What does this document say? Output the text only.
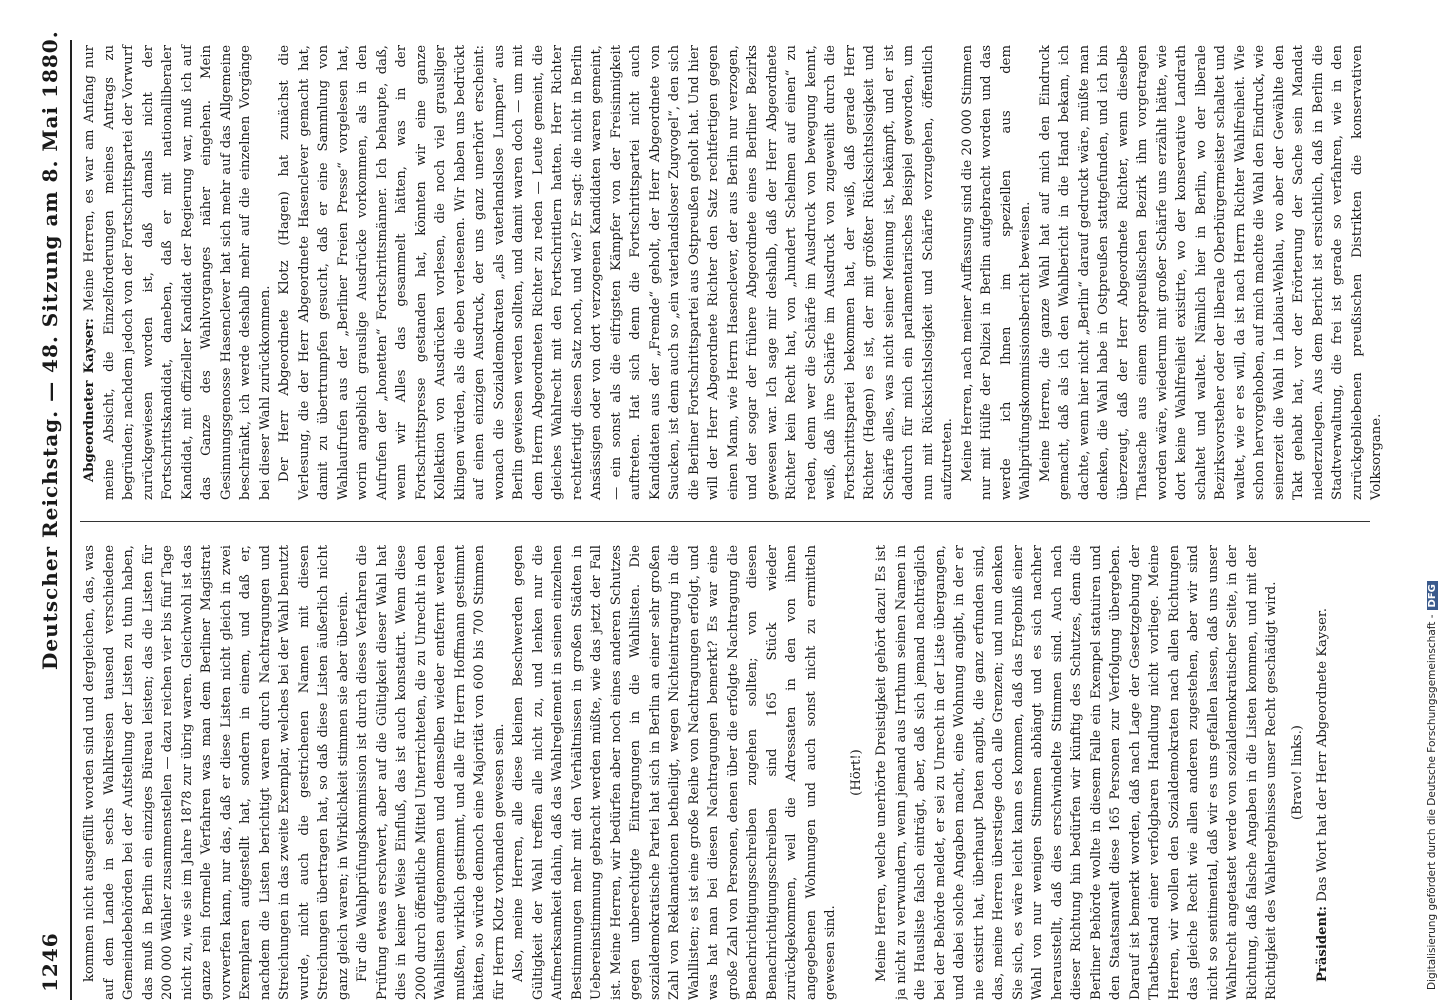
1246
Deutscher Reichstag. — 48. Sitzung am 8. Mai 1880.

kommen nicht ausgefüllt worden sind und dergleichen, das, was auf dem Lande in sechs Wahlkreisen tausend verschiedene Gemeindebehörden bei der Aufstellung der Listen zu thun haben, das muß in Berlin ein einziges Büreau leisten; das die Listen für 200 000 Wähler zusammenstellen — dazu reichen vier bis fünf Tage nicht zu, wie sie im Jahre 1878 zur übrig waren. Gleichwohl ist das ganze rein formelle Verfahren was man dem Berliner Magistrat vorwerfen kann, nur das, daß er diese Listen nicht gleich in zwei Exemplaren aufgestellt hat, sondern in einem, und daß er, nachdem die Listen berichtigt waren durch Nachtragungen und Streichungen in das zweite Exemplar, welches bei der Wahl benutzt wurde, nicht auch die gestrichenen Namen mit diesen Streichungen übertragen hat, so daß diese Listen äußerlich nicht ganz gleich waren; in Wirklichkeit stimmen sie aber überein. Für die Wahlprüfungskommission ist durch dieses Verfahren die Prüfung etwas erschwert, aber auf die Gültigkeit dieser Wahl hat dies in keiner Weise Einfluß, das ist auch konstatirt. Wenn diese 2000 durch öffentliche Mittel Unterrichteten, die zu Unrecht in den Wahllisten aufgenommen und demselben wieder entfernt werden mußten, wirklich gestimmt, und alle für Herrn Hoffmann gestimmt hätten, so würde dennoch eine Majorität von 600 bis 700 Stimmen für Herrn Klotz vorhanden gewesen sein. Also, meine Herren, alle diese kleinen Beschwerden gegen Gültigkeit der Wahl treffen alle nicht zu, und lenken nur die Aufmerksamkeit dahin, daß das Wahlreglement in seinen einzelnen Bestimmungen mehr mit den Verhältnissen in großen Städten in Uebereinstimmung gebracht werden müßte, wie das jetzt der Fall ist. Meine Herren, wir bedürfen aber noch eines anderen Schutzes gegen unberechtigte Eintragungen in die Wahllisten. Die sozialdemokratische Partei hat sich in Berlin an einer sehr großen Zahl von Reklamationen betheiligt, wegen Nichteintragung in die Wahllisten; es ist eine große Reihe von Nachtragungen erfolgt, und was hat man bei diesen Nachtragungen bemerkt? Es war eine große Zahl von Personen, denen über die erfolgte Nachtragung die Benachrichtigungsschreiben zugehen sollten; von diesen Benachrichtigungsschreiben sind 165 Stück wieder zurückgekommen, weil die Adressaten in den von ihnen angegebenen Wohnungen und auch sonst nicht zu ermitteln gewesen sind.

(Hört!) Meine Herren, welche unerhörte Dreistigkeit gehört dazu! Es ist ja nicht zu verwundern, wenn jemand aus Irrthum seinen Namen in die Hausliste falsch einträgt, aber, daß sich jemand nachträglich bei der Behörde meldet, er sei zu Unrecht in der Liste übergangen, und dabei solche Angaben macht, eine Wohnung angibt, in der er nie existirt hat, überhaupt Daten angibt, die ganz erfunden sind, das, meine Herren überstiege doch alle Grenzen; und nun denken Sie sich, es wäre leicht kann es kommen, daß das Ergebniß einer Wahl von nur wenigen Stimmen abhängt und es sich nachher herausstellt, daß dies erschwindelte Stimmen sind. Auch nach dieser Richtung hin bedürfen wir künftig des Schutzes, denn die Berliner Behörde wollte in diesem Falle ein Exempel statuiren und den Staatsanwalt diese 165 Personen zur Verfolgung übergeben. Darauf ist bemerkt worden, daß nach Lage der Gesetzgebung der Thatbestand einer verfolgbaren Handlung nicht vorliege. Meine Herren, wir wollen den Sozialdemokraten nach allen Richtungen das gleiche Recht wie allen anderen zugestehen, aber wir sind nicht so sentimental, daß wir es uns gefallen lassen, daß uns unser Wahlrecht angetastet werde von sozialdemokratischer Seite, in der Richtung, daß falsche Angaben in die Listen kommen, und mit der Richtigkeit des Wahlergebnisses unser Recht geschädigt wird. (Bravo! links.)

Präsident: Das Wort hat der Herr Abgeordnete Kayser.

Abgeordneter Kayser: Meine Herren, es war am Anfang nur meine Absicht, die Einzelforderungen meines Antrags zu begründen; nachdem jedoch von der Fortschrittspartei der Vorwurf zurückgewiesen worden ist, daß damals nicht der Fortschrittskandidat, daneben, daß er mit nationalliberaler Kandidat, mit offizieller Kandidat der Regierung war, muß ich auf das Ganze des Wahlvorganges näher eingehen. Mein Gesinnungsgenosse Hasenclever hat sich mehr auf das Allgemeine beschränkt, ich werde deshalb mehr auf die einzelnen Vorgänge bei dieser Wahl zurückkommen. Der Herr Abgeordnete Klotz (Hagen) hat zunächst die Verlesung, die der Herr Abgeordnete Hasenclever gemacht hat, damit zu übertrumpfen gesucht, daß er eine Sammlung von Wahlaufrufen aus der „Berliner Freien Presse“ vorgelesen hat, worin angeblich grauslige Ausdrücke vorkommen, als in den Aufrufen der „honetten“ Fortschrittsmänner. Ich behaupte, daß, wenn wir Alles das gesammelt hätten, was in der Fortschrittspresse gestanden hat, könnten wir eine ganze Kollektion von Ausdrücken vorlesen, die noch viel grausliger klingen würden, als die eben verlesenen. Wir haben uns bedrückt auf einen einzigen Ausdruck, der uns ganz unerhört erscheint: wonach die Sozialdemokraten „als vaterlandslose Lumpen“ aus Berlin gewiesen werden sollten, und damit waren doch — um mit dem Herrn Abgeordneten Richter zu reden — Leute gemeint, die gleiches Wahlrecht mit den Fortschrittlern hatten. Herr Richter rechtfertigt diesen Satz noch, und wie? Er sagt: die nicht in Berlin Ansässigen oder von dort verzogenen Kandidaten waren gemeint, — ein sonst als die eifrigsten Kämpfer von der Freisinnigkeit auftreten. Hat sich denn die Fortschrittspartei nicht auch Kandidaten aus der „Fremde“ geholt, der Herr Abgeordnete von Saucken, ist denn auch so „ein vaterlandsloser Zugvogel“, den sich die Berliner Fortschrittspartei aus Ostpreußen geholt hat. Und hier will der Herr Abgeordnete Richter den Satz rechtfertigen gegen einen Mann, wie Herrn Hasenclever, der aus Berlin nur verzogen, und der sogar der frühere Abgeordnete eines Berliner Bezirks gewesen war. Ich sage mir deshalb, daß der Herr Abgeordnete Richter kein Recht hat, von „hundert Schelmen auf einen“ zu reden, denn wer die Schärfe im Ausdruck von bewegung kennt, weiß, daß ihre Schärfe im Ausdruck von zugeweiht durch die Fortschrittspartei bekommen hat, der weiß, daß gerade Herr Richter (Hagen) es ist, der mit größter Rücksichtslosigkeit und Schärfe alles, was nicht seiner Meinung ist, bekämpft, und er ist dadurch für mich ein parlamentarisches Beispiel geworden, um nun mit Rücksichtslosigkeit und Schärfe vorzugehen, öffentlich aufzutreten. Meine Herren, nach meiner Auffassung sind die 20 000 Stimmen nur mit Hülfe der Polizei in Berlin aufgebracht worden und das werde ich Ihnen im speziellen aus dem Wahlprüfungskommissionsbericht beweisen. Meine Herren, die ganze Wahl hat auf mich den Eindruck gemacht, daß als ich den Wahlbericht in die Hand bekam, ich dachte, wenn hier nicht „Berlin“ darauf gedruckt wäre, müßte man denken, die Wahl habe in Ostpreußen stattgefunden, und ich bin überzeugt, daß der Herr Abgeordnete Richter, wenn dieselbe Thatsache aus einem ostpreußischen Bezirk ihm vorgetragen worden wäre, wiederum mit großer Schärfe uns erzählt hätte, wie dort keine Wahlfreiheit existirte, wo der konservative Landrath schaltet und waltet. Nämlich hier in Berlin, wo der liberale Bezirksvorsteher oder der liberale Oberbürgermeister schaltet und waltet, wie er es will, da ist nach Herrn Richter Wahlfreiheit. Wie schon hervorgehoben, auf mich machte die Wahl den Eindruck, wie seinerzeit die Wahl in Labiau-Wehlau, wo aber der Gewählte den Takt gehabt hat, vor der Erörterung der Sache sein Mandat niederzulegen. Aus dem Bericht ist ersichtlich, daß in Berlin die Stadtverwaltung, die frei ist gerade so verfahren, wie in den zurückgebliebenen preußischen Distrikten die konservativen Volksorgane.

Digitalisierung gefördert durch die Deutsche Forschungsgemeinschaft -DFG
